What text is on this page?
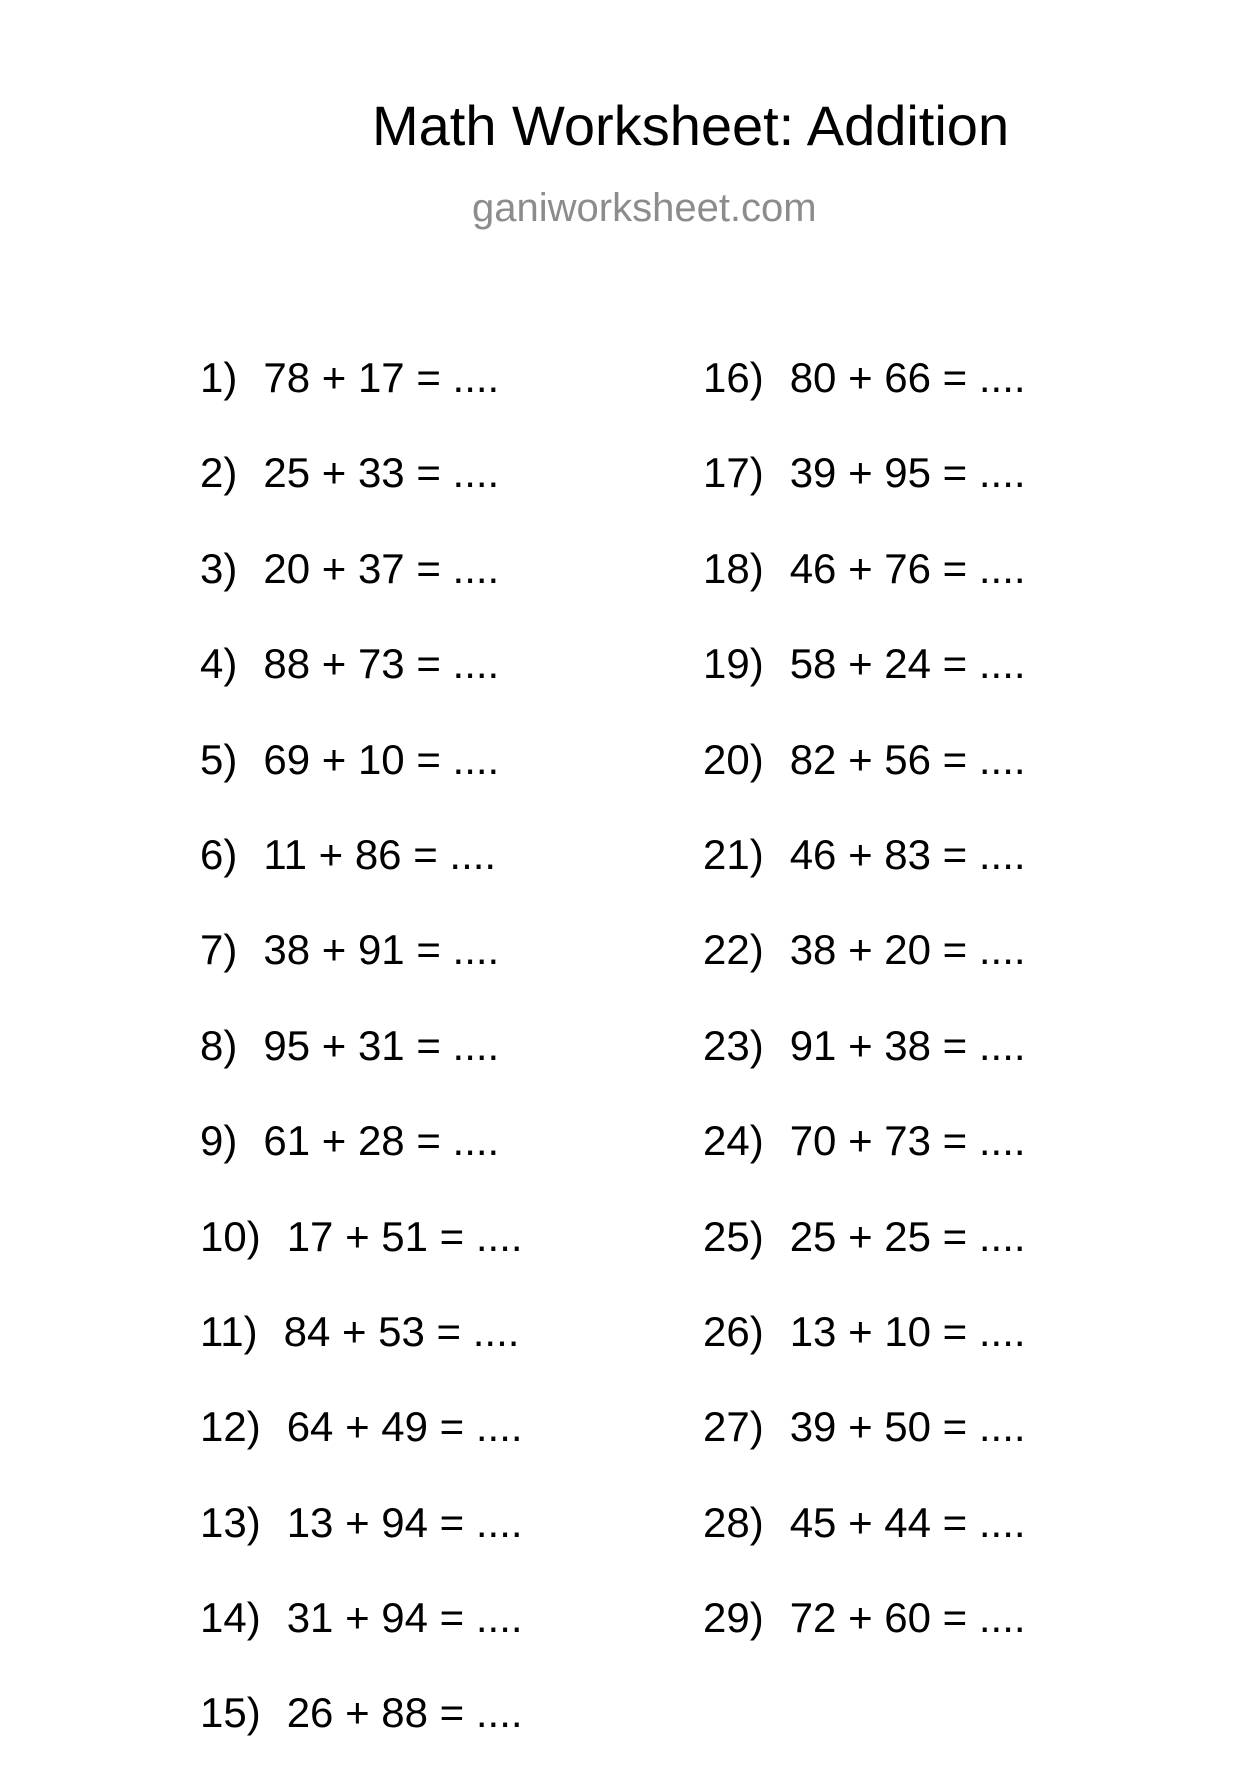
Math Worksheet: Addition
ganiworksheet.com
1) 78 + 17 = ....
2) 25 + 33 = ....
3) 20 + 37 = ....
4) 88 + 73 = ....
5) 69 + 10 = ....
6) 11 + 86 = ....
7) 38 + 91 = ....
8) 95 + 31 = ....
9) 61 + 28 = ....
10) 17 + 51 = ....
11) 84 + 53 = ....
12) 64 + 49 = ....
13) 13 + 94 = ....
14) 31 + 94 = ....
15) 26 + 88 = ....
16) 80 + 66 = ....
17) 39 + 95 = ....
18) 46 + 76 = ....
19) 58 + 24 = ....
20) 82 + 56 = ....
21) 46 + 83 = ....
22) 38 + 20 = ....
23) 91 + 38 = ....
24) 70 + 73 = ....
25) 25 + 25 = ....
26) 13 + 10 = ....
27) 39 + 50 = ....
28) 45 + 44 = ....
29) 72 + 60 = ....
